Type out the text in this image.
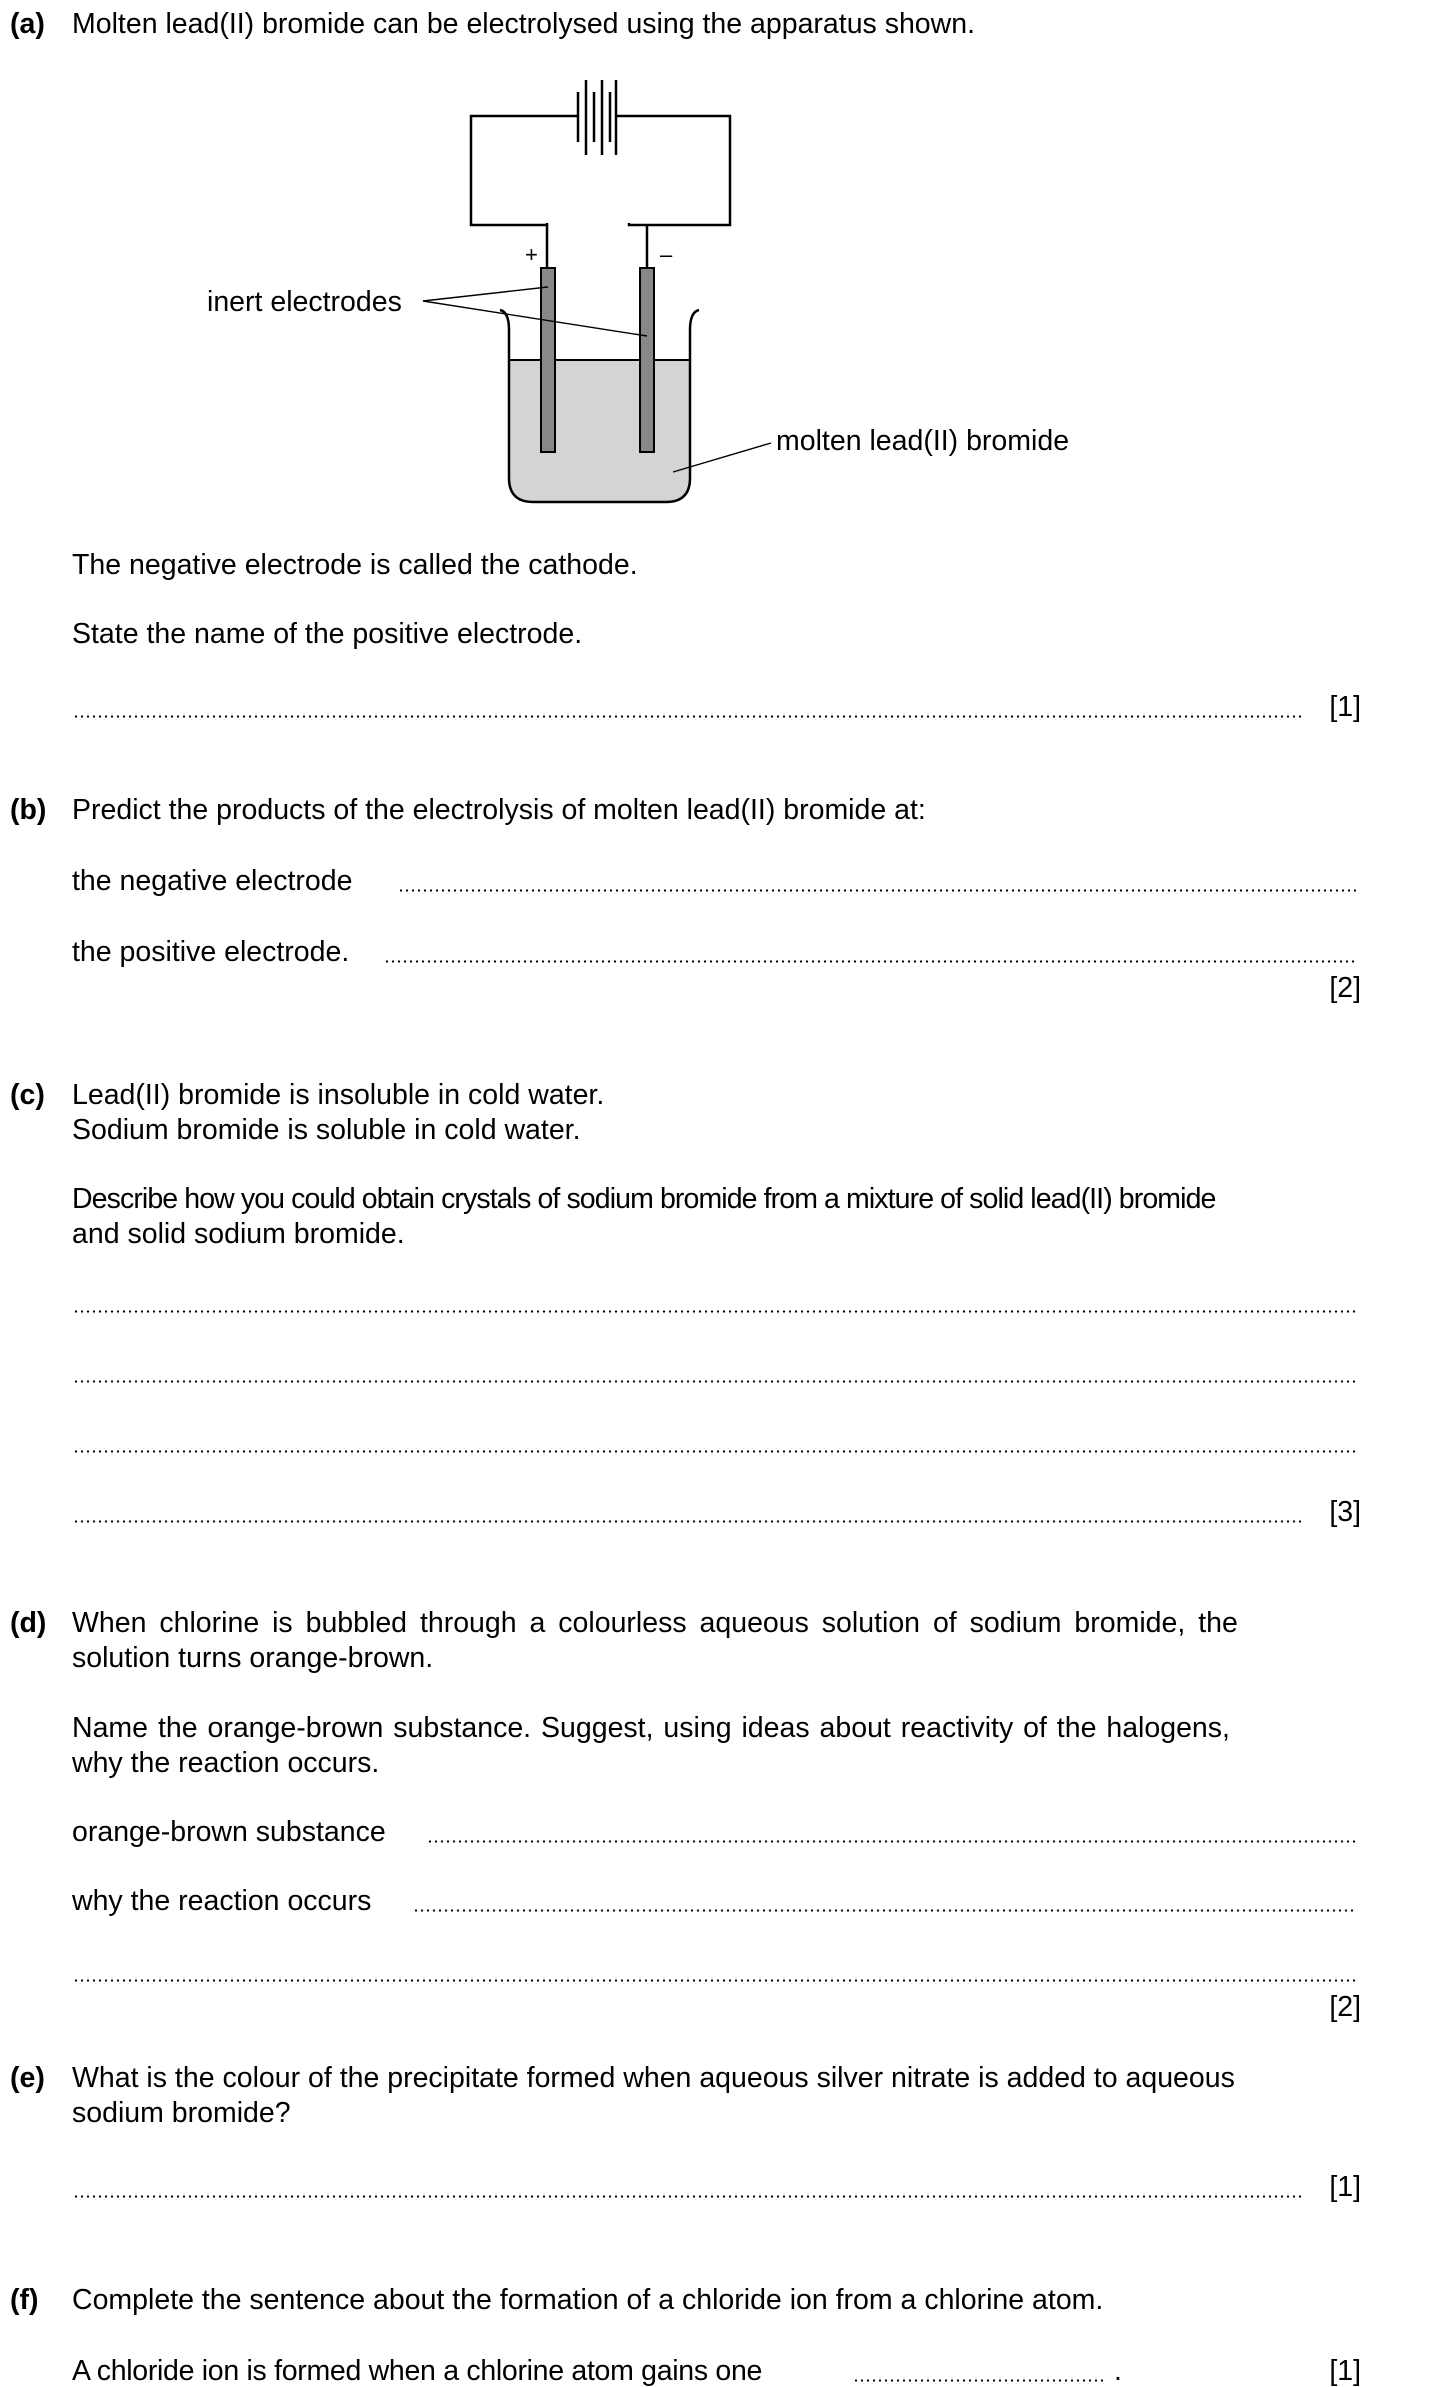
(a) Molten lead(II) bromide can be electrolysed using the apparatus shown.
+	–
inert electrodes
molten lead(II) bromide
The negative electrode is called the cathode.
State the name of the positive electrode.
[1]
(b) Predict the products of the electrolysis of molten lead(II) bromide at:
the negative electrode
the positive electrode.
[2]
(c) Lead(II) bromide is insoluble in cold water.
Sodium bromide is soluble in cold water.
Describe how you could obtain crystals of sodium bromide from a mixture of solid lead(II) bromide
and solid sodium bromide.
[3]
(d) When chlorine is bubbled through a colourless aqueous solution of sodium bromide, the
solution turns orange-brown.
Name the orange-brown substance. Suggest, using ideas about reactivity of the halogens,
why the reaction occurs.
orange-brown substance
why the reaction occurs
[2]
(e) What is the colour of the precipitate formed when aqueous silver nitrate is added to aqueous
sodium bromide?
[1]
(f) Complete the sentence about the formation of a chloride ion from a chlorine atom.
A chloride ion is formed when a chlorine atom gains one	.	[1]
